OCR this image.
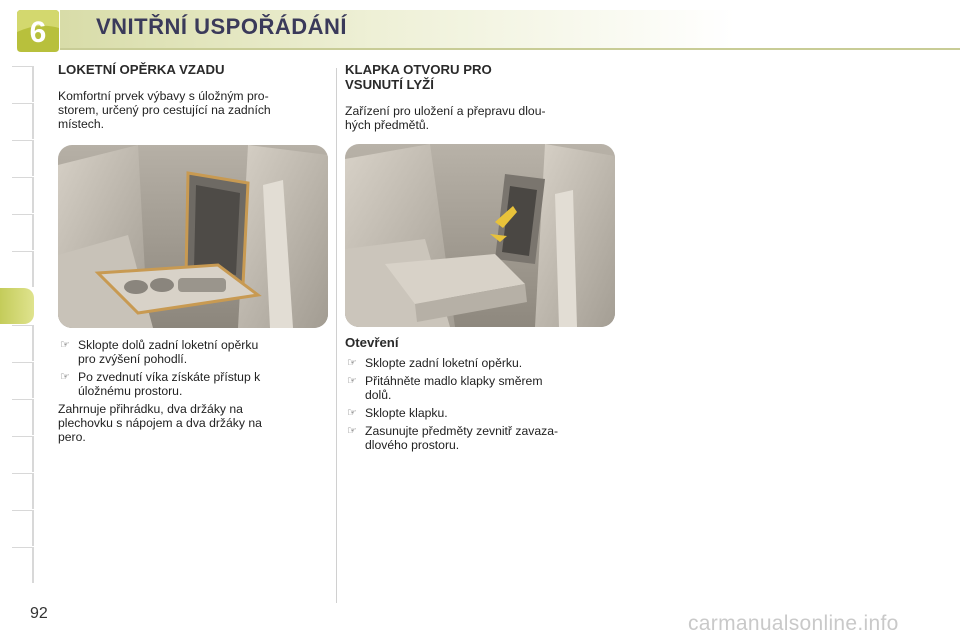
6 VNITŘNÍ USPOŘÁDÁNÍ
LOKETNÍ OPĚRKA VZADU

Komfortní prvek výbavy s úložným pro-
storem, určený pro cestující na zadních
místech.

☞ Sklopte dolů zadní loketní opěrku
pro zvýšení pohodlí.
☞ Po zvednutí víka získáte přístup k
úložnému prostoru.

Zahrnuje přihrádku, dva držáky na
plechovku s nápojem a dva držáky na
pero.

KLAPKA OTVORU PRO
VSUNUTÍ LYŽÍ

Zařízení pro uložení a přepravu dlou-
hých předmětů.

Otevření
☞ Sklopte zadní loketní opěrku.
☞ Přitáhněte madlo klapky směrem
dolů.
☞ Sklopte klapku.
☞ Zasunujte předměty zevnitř zavaza-
dlového prostoru.
92	carmanualsonline.info
